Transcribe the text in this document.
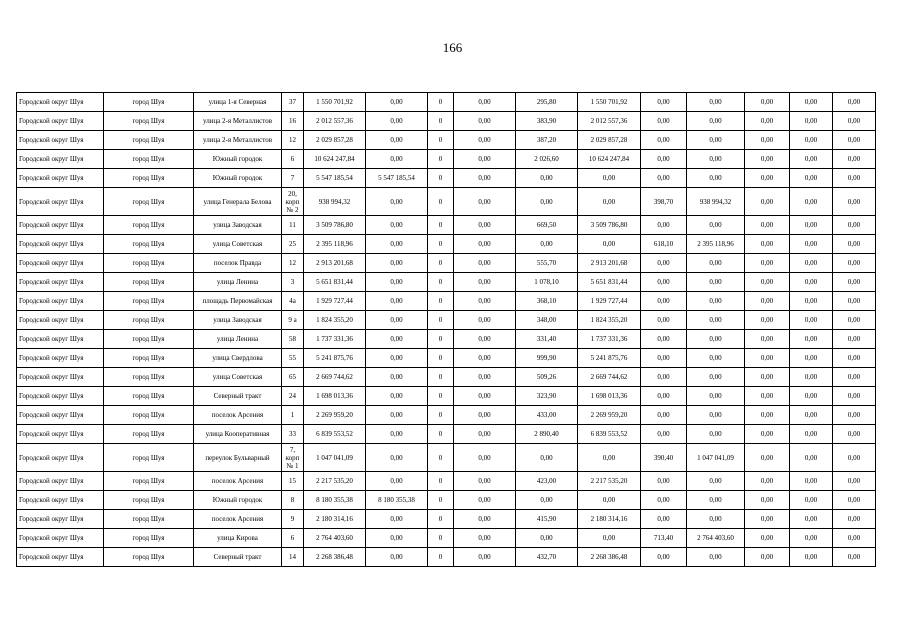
166
Городской округ Шуя	город Шуя	улица 1-я Северная	37	1 550 701,92	0,00	0	0,00	295,80	1 550 701,92	0,00	0,00	0,00	0,00	0,00
Городской округ Шуя	город Шуя	улица 2-я Металлистов	16	2 012 557,36	0,00	0	0,00	383,90	2 012 557,36	0,00	0,00	0,00	0,00	0,00
Городской округ Шуя	город Шуя	улица 2-я Металлистов	12	2 029 857,28	0,00	0	0,00	387,20	2 029 857,28	0,00	0,00	0,00	0,00	0,00
Городской округ Шуя	город Шуя	Южный городок	6	10 624 247,84	0,00	0	0,00	2 026,60	10 624 247,84	0,00	0,00	0,00	0,00	0,00
Городской округ Шуя	город Шуя	Южный городок	7	5 547 185,54	5 547 185,54	0	0,00	0,00	0,00	0,00	0,00	0,00	0,00	0,00
Городской округ Шуя	город Шуя	улица Генерала Белова	20, корп № 2	938 994,32	0,00	0	0,00	0,00	0,00	398,70	938 994,32	0,00	0,00	0,00
Городской округ Шуя	город Шуя	улица Заводская	11	3 509 786,80	0,00	0	0,00	669,50	3 509 786,80	0,00	0,00	0,00	0,00	0,00
Городской округ Шуя	город Шуя	улица Советская	25	2 395 118,96	0,00	0	0,00	0,00	0,00	618,10	2 395 118,96	0,00	0,00	0,00
Городской округ Шуя	город Шуя	поселок Правда	12	2 913 201,68	0,00	0	0,00	555,70	2 913 201,68	0,00	0,00	0,00	0,00	0,00
Городской округ Шуя	город Шуя	улица Ленина	3	5 651 831,44	0,00	0	0,00	1 078,10	5 651 831,44	0,00	0,00	0,00	0,00	0,00
Городской округ Шуя	город Шуя	площадь Первомайская	4а	1 929 727,44	0,00	0	0,00	368,10	1 929 727,44	0,00	0,00	0,00	0,00	0,00
Городской округ Шуя	город Шуя	улица Заводская	9 а	1 824 355,20	0,00	0	0,00	348,00	1 824 355,20	0,00	0,00	0,00	0,00	0,00
Городской округ Шуя	город Шуя	улица Ленина	58	1 737 331,36	0,00	0	0,00	331,40	1 737 331,36	0,00	0,00	0,00	0,00	0,00
Городской округ Шуя	город Шуя	улица Свердлова	55	5 241 875,76	0,00	0	0,00	999,90	5 241 875,76	0,00	0,00	0,00	0,00	0,00
Городской округ Шуя	город Шуя	улица Советская	65	2 669 744,62	0,00	0	0,00	509,26	2 669 744,62	0,00	0,00	0,00	0,00	0,00
Городской округ Шуя	город Шуя	Северный тракт	24	1 698 013,36	0,00	0	0,00	323,90	1 698 013,36	0,00	0,00	0,00	0,00	0,00
Городской округ Шуя	город Шуя	поселок Арсения	1	2 269 959,20	0,00	0	0,00	433,00	2 269 959,20	0,00	0,00	0,00	0,00	0,00
Городской округ Шуя	город Шуя	улица Кооперативная	33	6 839 553,52	0,00	0	0,00	2 890,40	6 839 553,52	0,00	0,00	0,00	0,00	0,00
Городской округ Шуя	город Шуя	переулок Бульварный	7, корп № 1	1 047 041,09	0,00	0	0,00	0,00	0,00	390,40	1 047 041,09	0,00	0,00	0,00
Городской округ Шуя	город Шуя	поселок Арсения	15	2 217 535,20	0,00	0	0,00	423,00	2 217 535,20	0,00	0,00	0,00	0,00	0,00
Городской округ Шуя	город Шуя	Южный городок	8	8 180 355,38	8 180 355,38	0	0,00	0,00	0,00	0,00	0,00	0,00	0,00	0,00
Городской округ Шуя	город Шуя	поселок Арсения	9	2 180 314,16	0,00	0	0,00	415,90	2 180 314,16	0,00	0,00	0,00	0,00	0,00
Городской округ Шуя	город Шуя	улица Кирова	6	2 764 403,60	0,00	0	0,00	0,00	0,00	713,40	2 764 403,60	0,00	0,00	0,00
Городской округ Шуя	город Шуя	Северный тракт	14	2 268 386,48	0,00	0	0,00	432,70	2 268 386,48	0,00	0,00	0,00	0,00	0,00
